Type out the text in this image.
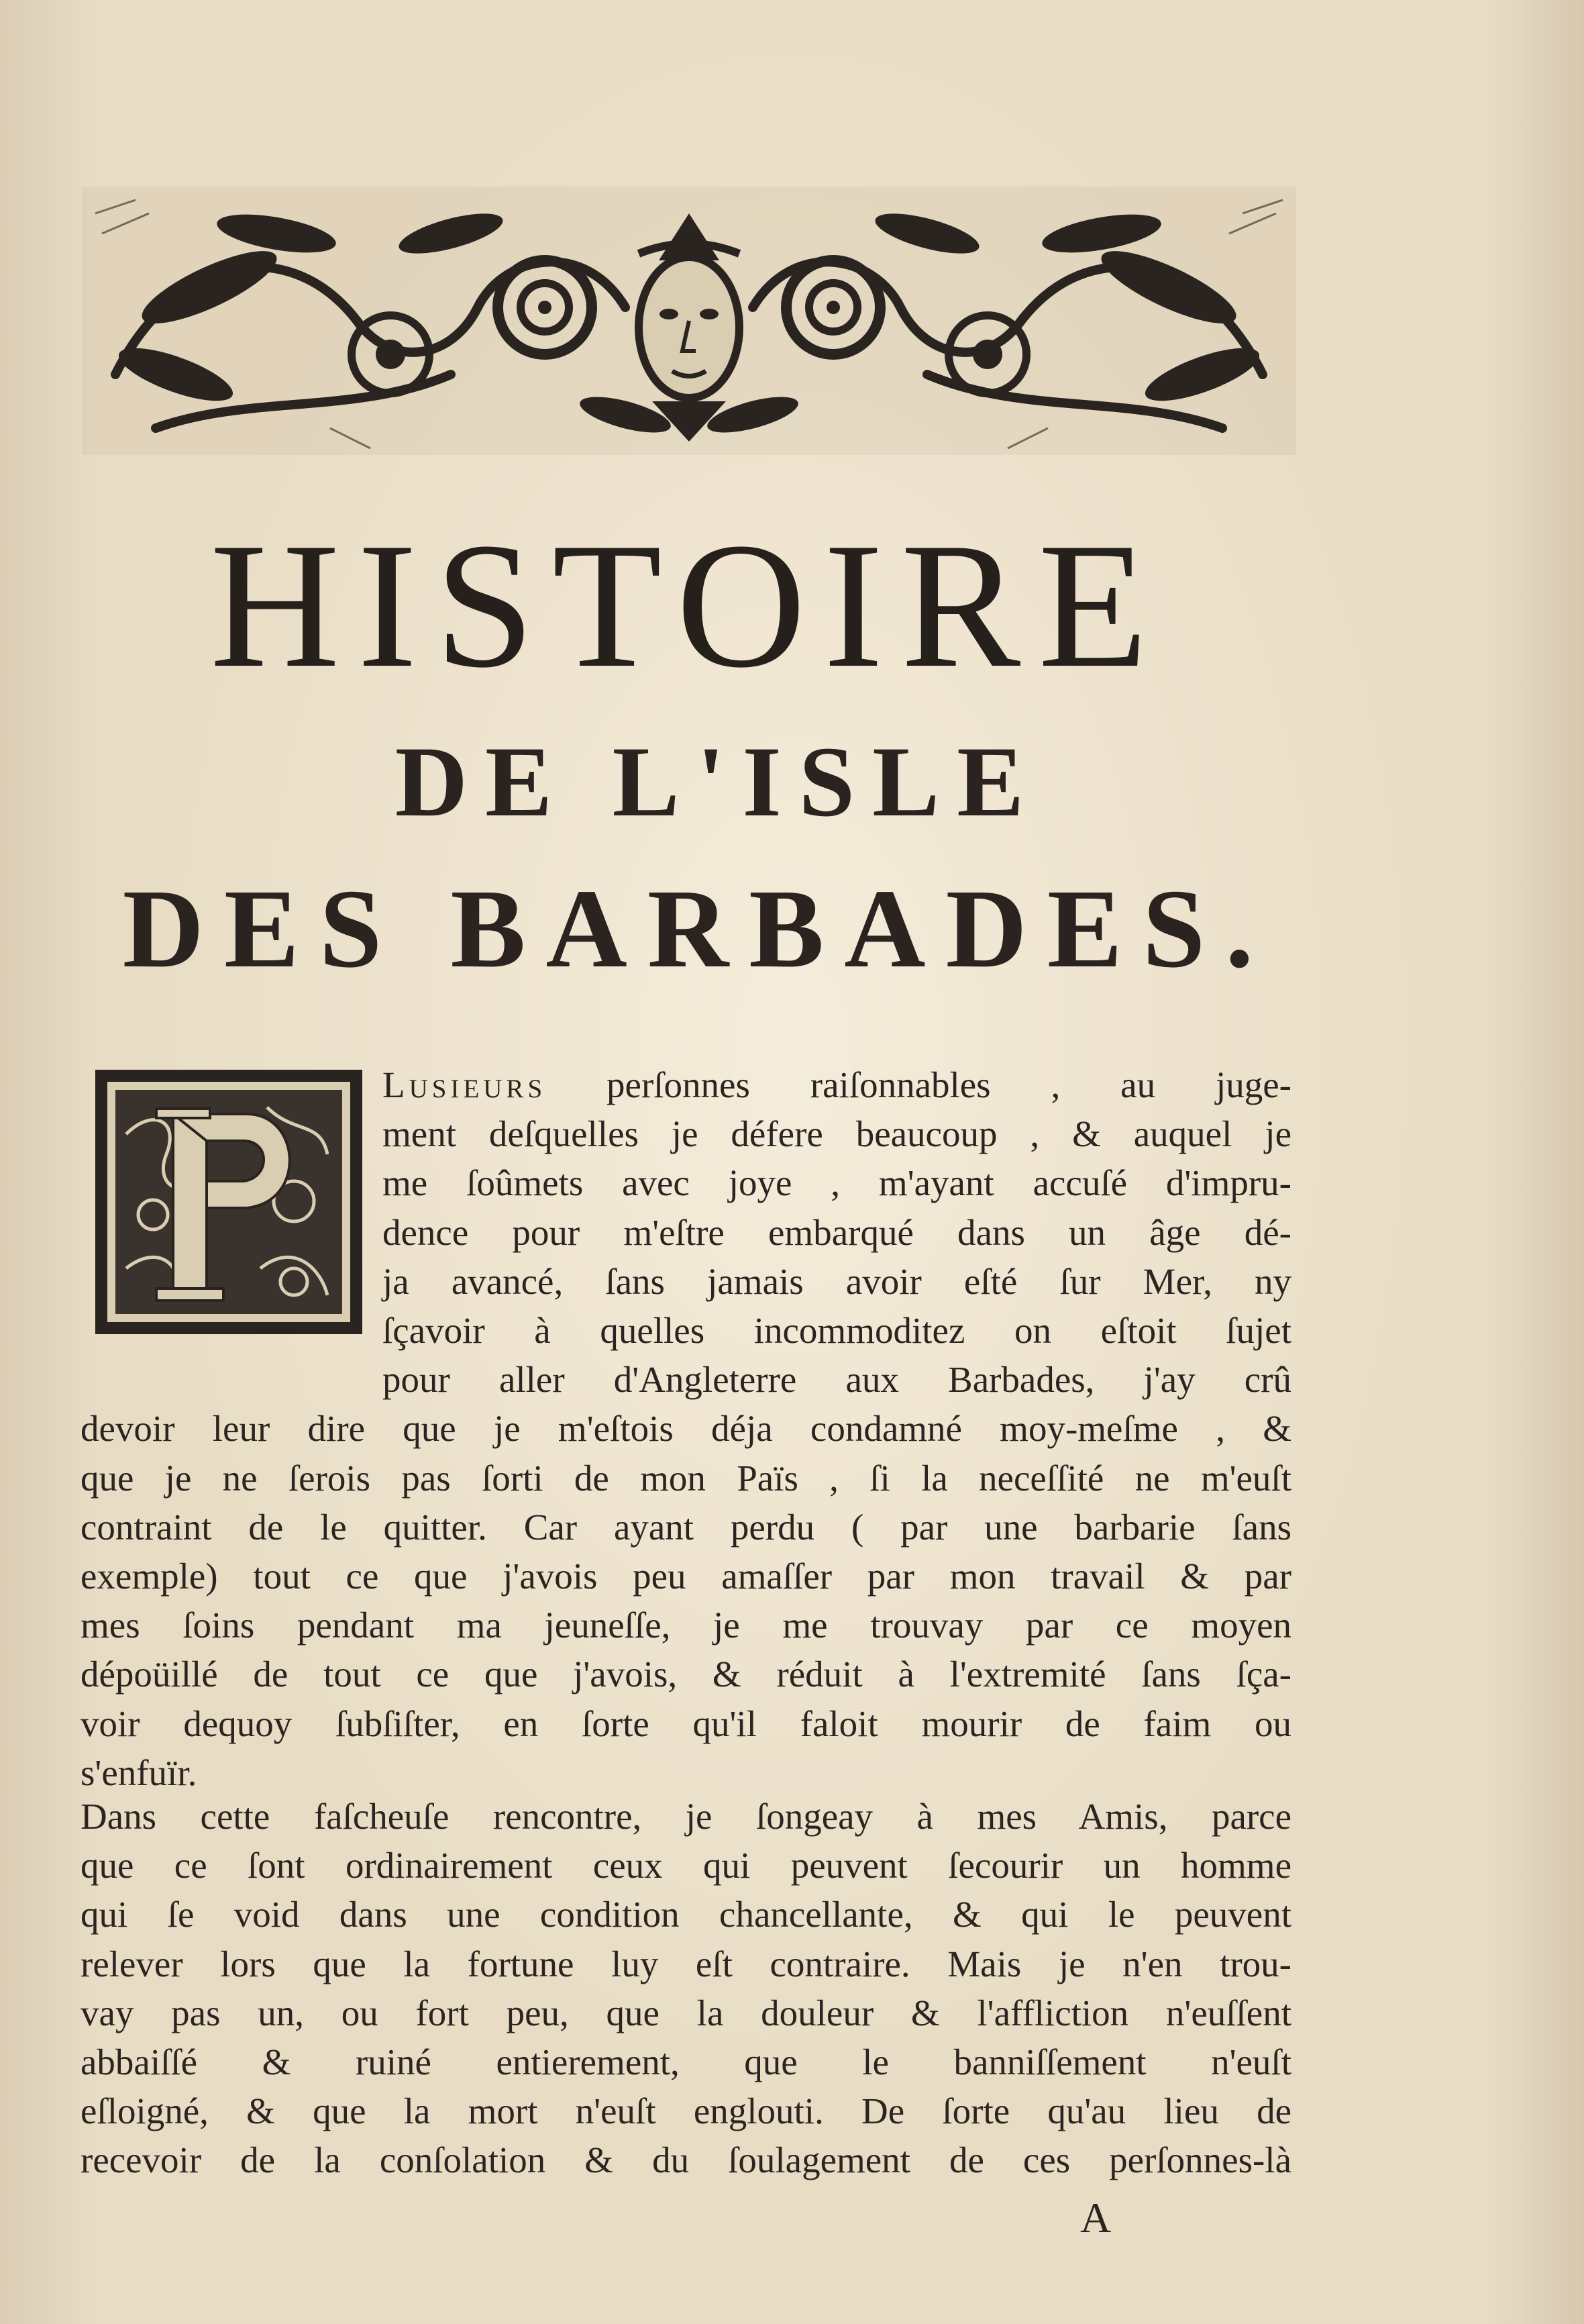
HISTOIRE
DE L'ISLE
DES BARBADES.
Lusieurs perſonnes raiſonnables , au juge-
ment deſquelles je défere beaucoup , & auquel je
me ſoûmets avec joye , m'ayant accuſé d'impru-
dence pour m'eſtre embarqué dans un âge dé-
ja avancé, ſans jamais avoir eſté ſur Mer, ny
ſçavoir à quelles incommoditez on eſtoit ſujet
pour aller d'Angleterre aux Barbades, j'ay crû
devoir leur dire que je m'eſtois déja condamné moy-meſme , &
que je ne ſerois pas ſorti de mon Païs , ſi la neceſſité ne m'euſt
contraint de le quitter. Car ayant perdu ( par une barbarie ſans
exemple) tout ce que j'avois peu amaſſer par mon travail & par
mes ſoins pendant ma jeuneſſe, je me trouvay par ce moyen
dépoüillé de tout ce que j'avois, & réduit à l'extremité ſans ſça-
voir dequoy ſubſiſter, en ſorte qu'il faloit mourir de faim ou
s'enfuïr.
Dans cette faſcheuſe rencontre, je ſongeay à mes Amis, parce
que ce ſont ordinairement ceux qui peuvent ſecourir un homme
qui ſe void dans une condition chancellante, & qui le peuvent
relever lors que la fortune luy eſt contraire. Mais je n'en trou-
vay pas un, ou fort peu, que la douleur & l'affliction n'euſſent
abbaiſſé & ruiné entierement, que le banniſſement n'euſt
eſloigné, & que la mort n'euſt englouti. De ſorte qu'au lieu de
recevoir de la conſolation & du ſoulagement de ces perſonnes-là
A
